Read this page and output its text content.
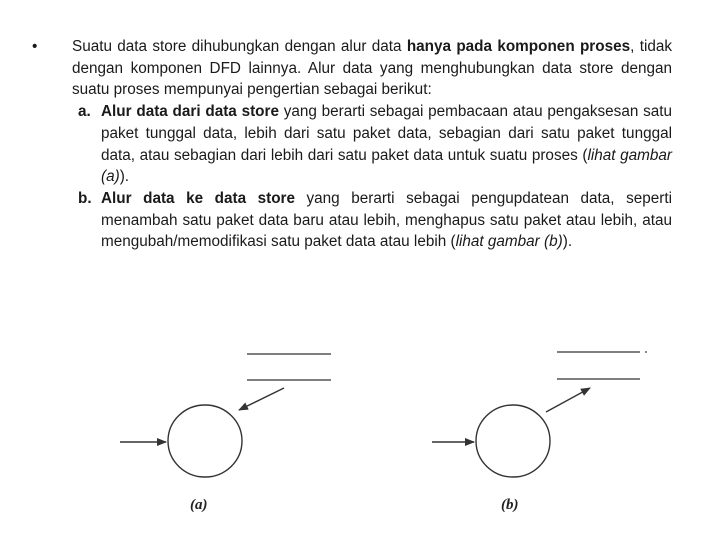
•	Suatu data store dihubungkan dengan alur data hanya pada komponen proses, tidak dengan komponen DFD lainnya. Alur data yang menghubungkan data store dengan suatu proses mempunyai pengertian sebagai berikut:
a. Alur data dari data store yang berarti sebagai pembacaan atau pengaksesan satu paket tunggal data, lebih dari satu paket data, sebagian dari satu paket tunggal data, atau sebagian dari lebih dari satu paket data untuk suatu proses (lihat gambar (a)).
b. Alur data ke data store yang berarti sebagai pengupdatean data, seperti menambah satu paket data baru atau lebih, menghapus satu paket atau lebih, atau mengubah/memodifikasi satu paket data atau lebih (lihat gambar (b)).
(a)	(b)
